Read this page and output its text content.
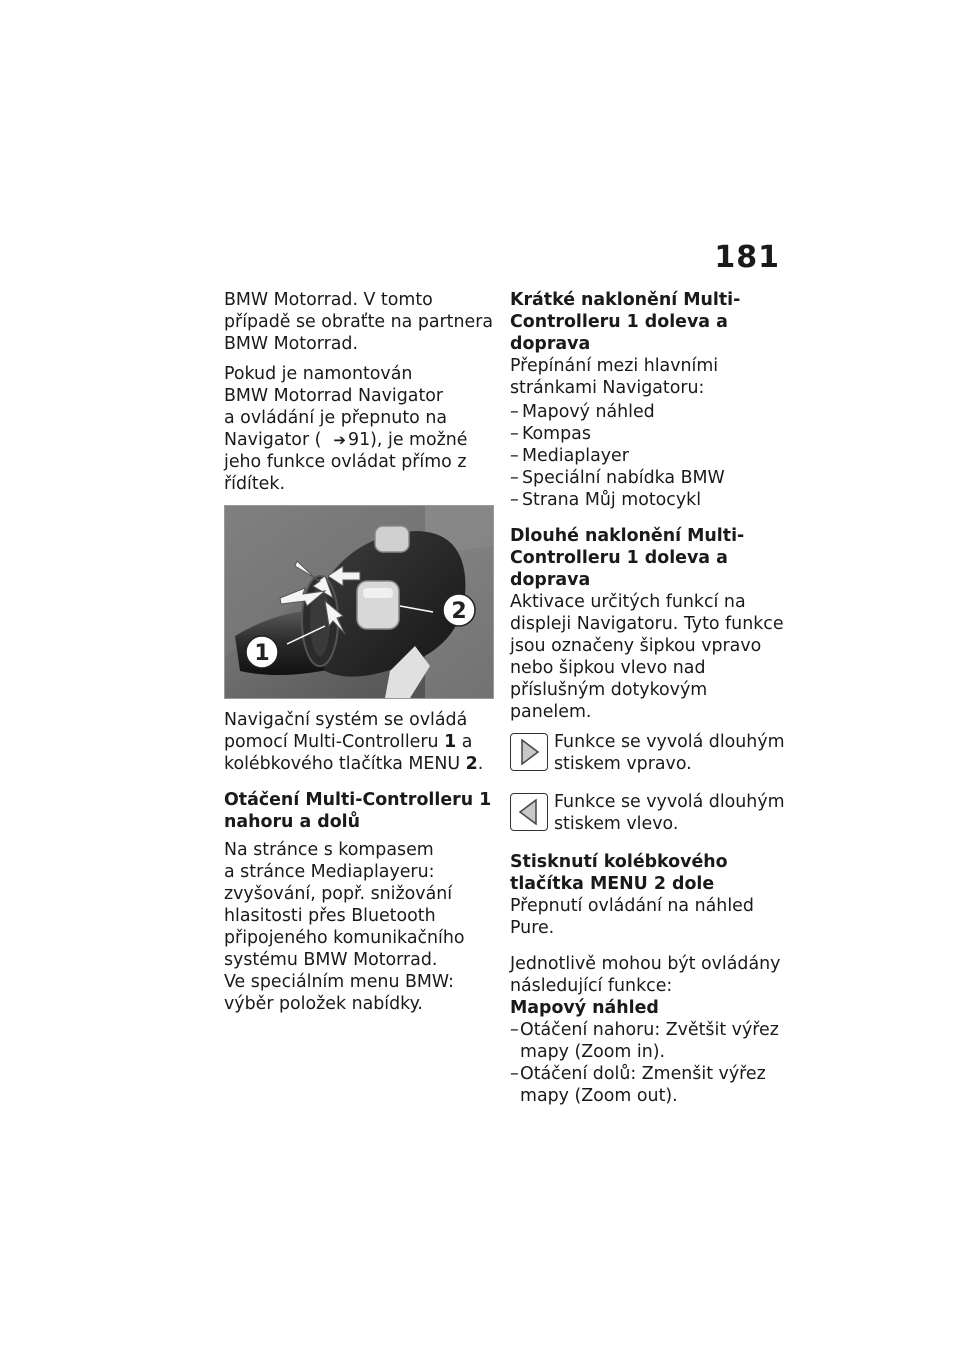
181

BMW Motorrad. V tomto případě se obraťte na partnera BMW Motorrad.

Pokud je namontován
BMW Motorrad Navigator
a ovládání je přepnuto na
Navigator ( ➔ 91), je možné
jeho funkce ovládat přímo z
řídítek.

1
2

Navigační systém se ovládá pomocí Multi-Controlleru 1 a kolébkového tlačítka MENU 2.

Otáčení Multi-Controlleru 1 nahoru a dolů

Na stránce s kompasem
a stránce Mediaplayeru:
zvyšování, popř. snižování
hlasitosti přes Bluetooth
připojeného komunikačního
systému BMW Motorrad.

Ve speciálním menu BMW: výběr položek nabídky.

Krátké naklonění Multi-Controlleru 1 doleva a doprava

Přepínání mezi hlavními stránkami Navigatoru:

– Mapový náhled
– Kompas
– Mediaplayer
– Speciální nabídka BMW
– Strana Můj motocykl
Dlouhé naklonění Multi-Controlleru 1 doleva a doprava

Aktivace určitých funkcí na displeji Navigatoru. Tyto funkce jsou označeny šipkou vpravo nebo šipkou vlevo nad příslušným dotykovým panelem.

Funkce se vyvolá dlouhým stiskem vpravo.
Funkce se vyvolá dlouhým stiskem vlevo.
Stisknutí kolébkového tlačítka MENU 2 dole

Přepnutí ovládání na náhled Pure.

Jednotlivě mohou být ovládány následující funkce:

Mapový náhled
– Otáčení nahoru: Zvětšit výřez mapy (Zoom in).
– Otáčení dolů: Zmenšit výřez mapy (Zoom out).
